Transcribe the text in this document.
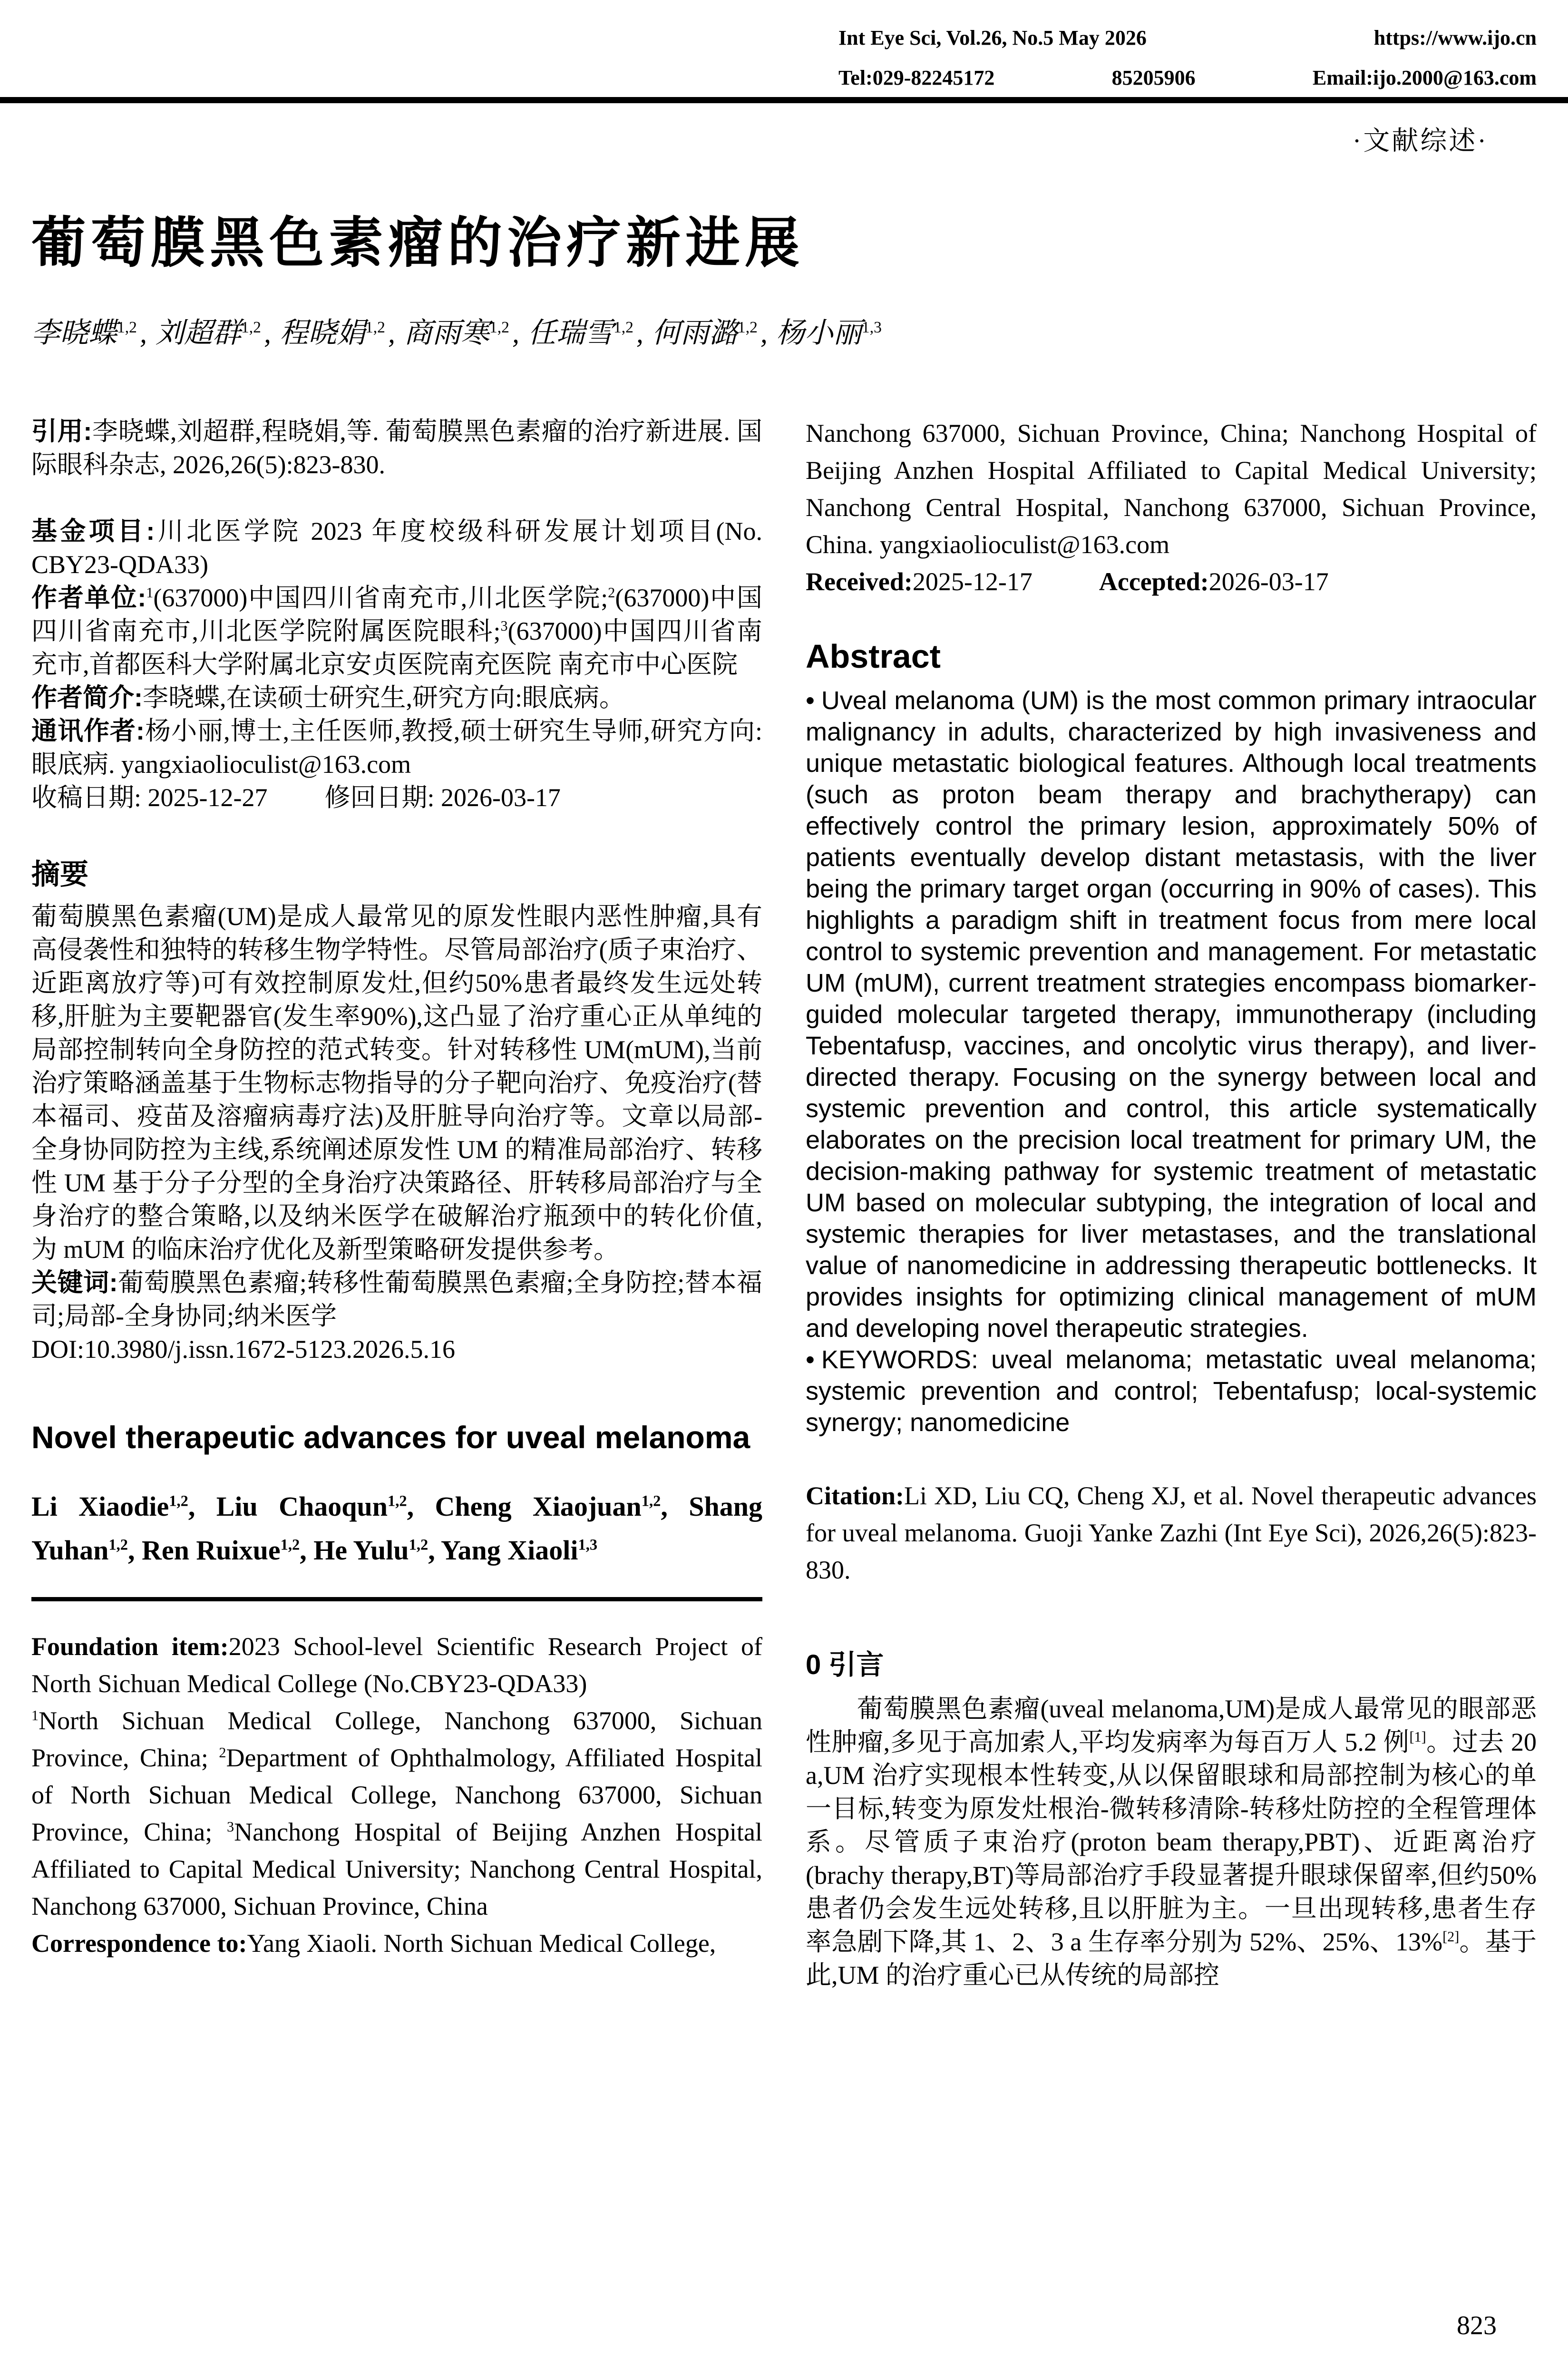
Int Eye Sci, Vol.26, No.5 May 2026	https://www.ijo.cn
Tel:029-82245172	85205906	Email:ijo.2000@163.com
·文献综述·
葡萄膜黑色素瘤的治疗新进展
李晓蝶$^{1,2}$ , 刘超群$^{1,2}$ , 程晓娟$^{1,2}$ , 商雨寒$^{1,2}$ , 任瑞雪$^{1,2}$ , 何雨潞$^{1,2}$ , 杨小丽$^{1,3}$

引用:李晓蝶,刘超群,程晓娟,等. 葡萄膜黑色素瘤的治疗新进展. 国际眼科杂志, 2026,26(5):823-830.

基金项目:川北医学院 2023 年度校级科研发展计划项目(No. CBY23-QDA33)

作者单位:$^1$(637000)中国四川省南充市,川北医学院;$^2$(637000)中国四川省南充市,川北医学院附属医院眼科;$^3$(637000)中国四川省南充市,首都医科大学附属北京安贞医院南充医院 南充市中心医院

作者简介:李晓蝶,在读硕士研究生,研究方向:眼底病。

通讯作者:杨小丽,博士,主任医师,教授,硕士研究生导师,研究方向:眼底病. yangxiaolioculist@163.com

收稿日期: 2025-12-27 修回日期: 2026-03-17

摘要

葡萄膜黑色素瘤(UM)是成人最常见的原发性眼内恶性肿瘤,具有高侵袭性和独特的转移生物学特性。尽管局部治疗(质子束治疗、近距离放疗等)可有效控制原发灶,但约50%患者最终发生远处转移,肝脏为主要靶器官(发生率90%),这凸显了治疗重心正从单纯的局部控制转向全身防控的范式转变。针对转移性 UM(mUM),当前治疗策略涵盖基于生物标志物指导的分子靶向治疗、免疫治疗(替本福司、疫苗及溶瘤病毒疗法)及肝脏导向治疗等。文章以局部-全身协同防控为主线,系统阐述原发性 UM 的精准局部治疗、转移性 UM 基于分子分型的全身治疗决策路径、肝转移局部治疗与全身治疗的整合策略,以及纳米医学在破解治疗瓶颈中的转化价值,为 mUM 的临床治疗优化及新型策略研发提供参考。

关键词:葡萄膜黑色素瘤;转移性葡萄膜黑色素瘤;全身防控;替本福司;局部-全身协同;纳米医学

DOI:10.3980/j.issn.1672-5123.2026.5.16

Novel therapeutic advances for uveal melanoma

Li Xiaodie$^{1,2}$, Liu Chaoqun$^{1,2}$, Cheng Xiaojuan$^{1,2}$, Shang Yuhan$^{1,2}$, Ren Ruixue$^{1,2}$, He Yulu$^{1,2}$, Yang Xiaoli$^{1,3}$

Foundation item:2023 School-level Scientific Research Project of North Sichuan Medical College (No.CBY23-QDA33)

$^1$North Sichuan Medical College, Nanchong 637000, Sichuan Province, China; $^2$Department of Ophthalmology, Affiliated Hospital of North Sichuan Medical College, Nanchong 637000, Sichuan Province, China; $^3$Nanchong Hospital of Beijing Anzhen Hospital Affiliated to Capital Medical University; Nanchong Central Hospital, Nanchong 637000, Sichuan Province, China

Correspondence to:Yang Xiaoli. North Sichuan Medical College,

Nanchong 637000, Sichuan Province, China; Nanchong Hospital of Beijing Anzhen Hospital Affiliated to Capital Medical University; Nanchong Central Hospital, Nanchong 637000, Sichuan Province, China. yangxiaolioculist@163.com

Received:2025-12-17	Accepted:2026-03-17

Abstract

• Uveal melanoma (UM) is the most common primary intraocular malignancy in adults, characterized by high invasiveness and unique metastatic biological features. Although local treatments (such as proton beam therapy and brachytherapy) can effectively control the primary lesion, approximately 50% of patients eventually develop distant metastasis, with the liver being the primary target organ (occurring in 90% of cases). This highlights a paradigm shift in treatment focus from mere local control to systemic prevention and management. For metastatic UM (mUM), current treatment strategies encompass biomarker-guided molecular targeted therapy, immunotherapy (including Tebentafusp, vaccines, and oncolytic virus therapy), and liver-directed therapy. Focusing on the synergy between local and systemic prevention and control, this article systematically elaborates on the precision local treatment for primary UM, the decision-making pathway for systemic treatment of metastatic UM based on molecular subtyping, the integration of local and systemic therapies for liver metastases, and the translational value of nanomedicine in addressing therapeutic bottlenecks. It provides insights for optimizing clinical management of mUM and developing novel therapeutic strategies.

• KEYWORDS: uveal melanoma; metastatic uveal melanoma; systemic prevention and control; Tebentafusp; local-systemic synergy; nanomedicine

Citation:Li XD, Liu CQ, Cheng XJ, et al. Novel therapeutic advances for uveal melanoma. Guoji Yanke Zazhi (Int Eye Sci), 2026,26(5):823-830.

0 引言

葡萄膜黑色素瘤(uveal melanoma,UM)是成人最常见的眼部恶性肿瘤,多见于高加索人,平均发病率为每百万人 5.2 例[1]。过去 20 a,UM 治疗实现根本性转变,从以保留眼球和局部控制为核心的单一目标,转变为原发灶根治-微转移清除-转移灶防控的全程管理体系。尽管质子束治疗(proton beam therapy,PBT)、近距离治疗(brachy therapy,BT)等局部治疗手段显著提升眼球保留率,但约50%患者仍会发生远处转移,且以肝脏为主。一旦出现转移,患者生存率急剧下降,其 1、2、3 a 生存率分别为 52%、25%、13%[2]。基于此,UM 的治疗重心已从传统的局部控

823
